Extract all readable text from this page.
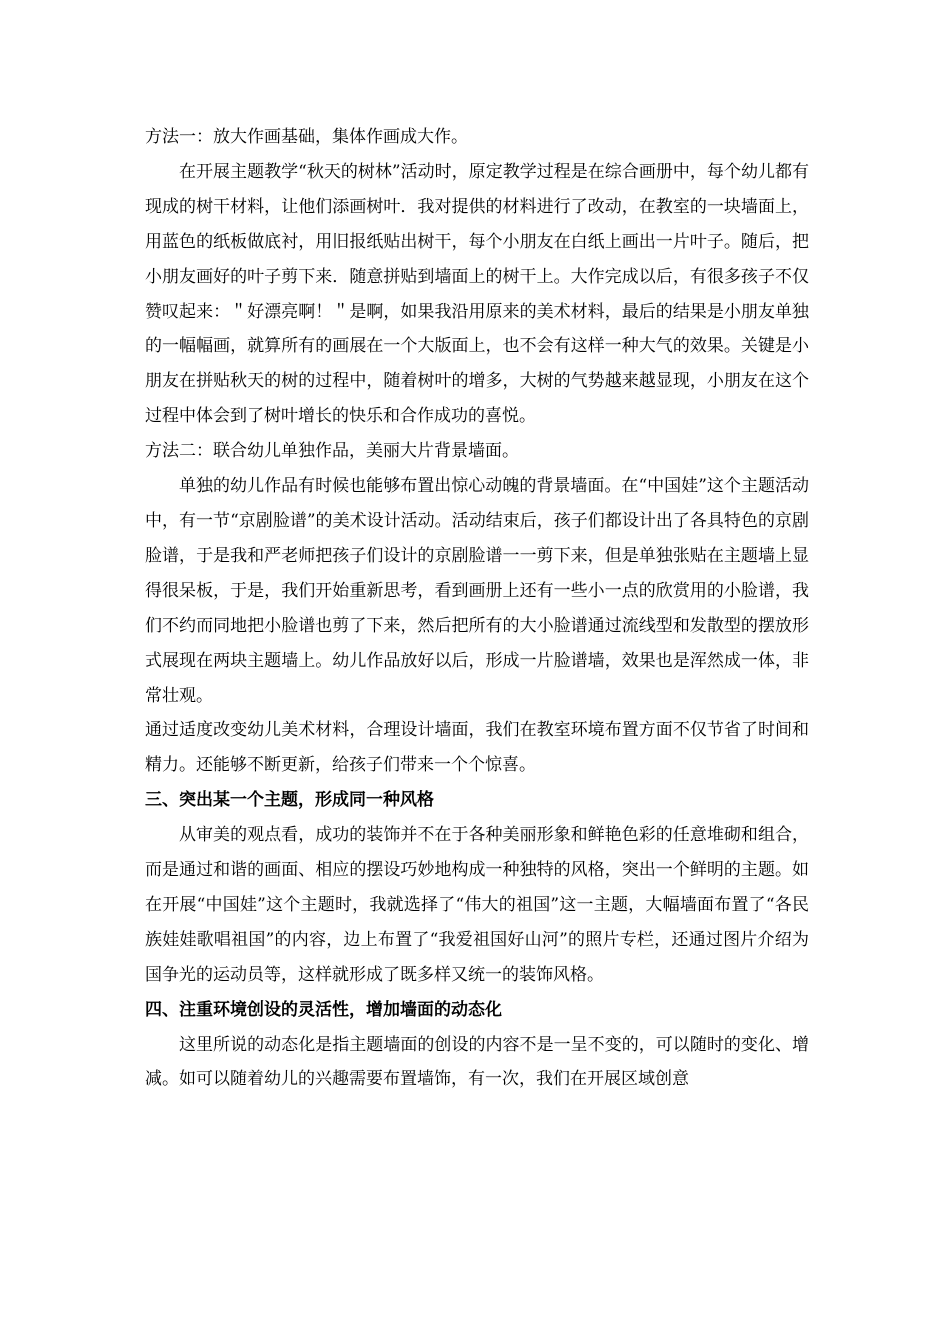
方法一：放大作画基础，集体作画成大作。

在开展主题教学“秋天的树林”活动时，原定教学过程是在综合画册中，每个幼儿都有现成的树干材料，让他们添画树叶．我对提供的材料进行了改动，在教室的一块墙面上，用蓝色的纸板做底衬，用旧报纸贴出树干，每个小朋友在白纸上画出一片叶子。随后，把小朋友画好的叶子剪下来．随意拼贴到墙面上的树干上。大作完成以后，有很多孩子不仅赞叹起来：＂好漂亮啊！＂是啊，如果我沿用原来的美术材料，最后的结果是小朋友单独的一幅幅画，就算所有的画展在一个大版面上，也不会有这样一种大气的效果。关键是小朋友在拼贴秋天的树的过程中，随着树叶的增多，大树的气势越来越显现，小朋友在这个过程中体会到了树叶增长的快乐和合作成功的喜悦。

方法二：联合幼儿单独作品，美丽大片背景墙面。

单独的幼儿作品有时候也能够布置出惊心动魄的背景墙面。在“中国娃”这个主题活动中，有一节“京剧脸谱”的美术设计活动。活动结束后，孩子们都设计出了各具特色的京剧脸谱，于是我和严老师把孩子们设计的京剧脸谱一一剪下来，但是单独张贴在主题墙上显得很呆板，于是，我们开始重新思考，看到画册上还有一些小一点的欣赏用的小脸谱，我们不约而同地把小脸谱也剪了下来，然后把所有的大小脸谱通过流线型和发散型的摆放形式展现在两块主题墙上。幼儿作品放好以后，形成一片脸谱墙，效果也是浑然成一体，非常壮观。

通过适度改变幼儿美术材料，合理设计墙面，我们在教室环境布置方面不仅节省了时间和精力。还能够不断更新，给孩子们带来一个个惊喜。

三、突出某一个主题，形成同一种风格

从审美的观点看，成功的装饰并不在于各种美丽形象和鲜艳色彩的任意堆砌和组合，而是通过和谐的画面、相应的摆设巧妙地构成一种独特的风格，突出一个鲜明的主题。如在开展“中国娃”这个主题时，我就选择了“伟大的祖国”这一主题，大幅墙面布置了“各民族娃娃歌唱祖国”的内容，边上布置了“我爱祖国好山河”的照片专栏，还通过图片介绍为国争光的运动员等，这样就形成了既多样又统一的装饰风格。

四、注重环境创设的灵活性，增加墙面的动态化

这里所说的动态化是指主题墙面的创设的内容不是一呈不变的，可以随时的变化、增减。如可以随着幼儿的兴趣需要布置墙饰，有一次，我们在开展区域创意
